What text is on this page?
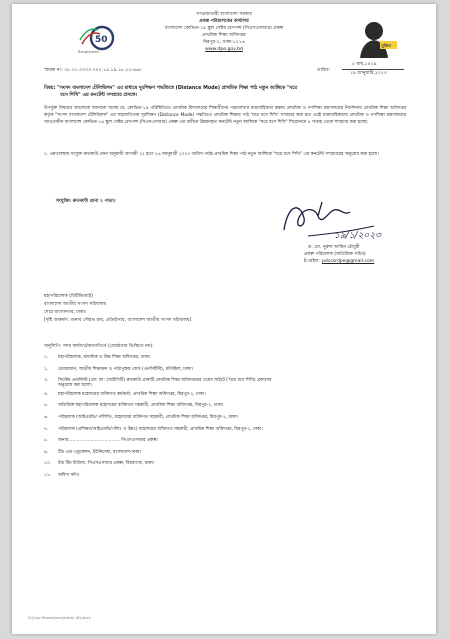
50
Bangladesh
মুজিব
গণপ্রজাতন্ত্রী বাংলাদেশ সরকার
প্রকল্প পরিচালকের কার্যালয়
বাংলাদেশ কোভিড-১৯ স্কুল সেক্টর রেসপন্স (সিএসএসআর) প্রকল্প
প্রাথমিক শিক্ষা অধিদপ্তর
মিরপুর-২, ঢাকা-১২১৬
www.dpe.gov.bd
স্মারক নং: ৩৮.০১.০০০০.৭০০.১৪.১৯.১৮.২২-৬৬৮
৫ মাঘ,১৪২৯
তারিখ:
১৯ জানুয়ারি,২০২৩
বিষয়: "সংসদ বাংলাদেশ টেলিভিশন" এর মাধ্যমে দূরশিক্ষণ পদ্ধতিতে (Distance Mode) প্রাথমিক শিক্ষা পাঠ নতুন আঙ্গিকে "ঘরে
বসে শিখি" এর কনটেন্ট সম্প্রচার প্রসঙ্গে।
উপর্যুক্ত বিষয়ের আলোকে জানানো যাচ্ছে যে, কোভিড-১৯ পরিস্থিতিতে প্রাথমিক বিদ্যালয়ের শিক্ষার্থীদের পড়ালেখার ধারাবাহিকতা রক্ষায় প্রাথমিক ও গণশিক্ষা মন্ত্রণালয়ের নির্দেশনায় প্রাথমিক শিক্ষা অধিদপ্তর কর্তৃক "সংসদ বাংলাদেশ টেলিভিশন" এর সহযোগিতায় দূরশিক্ষণ (Distance Mode) পদ্ধতিতে প্রাথমিক শিক্ষার পাঠ 'ঘরে বসে শিখি' সম্প্রচার করা হয়। এরই ধারাবাহিকতায় প্রাথমিক ও গণশিক্ষা মন্ত্রণালয়ের আওতাধীন বাংলাদেশ কোভিড-১৯ স্কুল সেক্টর রেসপন্স (সিএসএসআর) প্রকল্প এর অধীনে উন্নয়নকৃত কনটেন্ট নতুন আঙ্গিকে "ঘরে বসে শিখি" শিরোনামে ৪ সপ্তাহ থেকে সম্প্রচার করা হচ্ছে।
২. এমতাবস্থায় সংযুক্ত রুতকাউ প্রানা অনুযায়ী আগামী ২২ হতে ২৬ জানুয়ারী ২০২৩ তারিখ পর্যন্ত প্রাথমিক শিক্ষা পাঠ নতুন আঙ্গিকে "ঘরে বসে শিখি" এর কনটেন্ট সম্প্রচারের অনুরোধ করা হলো।
সংযুক্তি: রুতকাউ প্রানা ২ পাতা।
১৯/১/২০২৩
ড. মো. নুরুল আমিন চৌধুরী
প্রকল্প পরিচালক (অতিরিক্ত সচিব)
ই-মেইল: pdcssrdpe@gmail.com
মহাপরিচালক (বিটিভিআই)
বাংলাদেশ জাতীয় সংসদ সচিবালয়
শেরে বাংলানগর, ঢাকা।
[দৃষ্টি আকর্ষণ: জনাব সৌরভ রায়, প্রডিউসার, বাংলাদেশ জাতীয় সংসদ সচিবালয়]
অনুলিপি- সদয় কার্যার্থে/অবগতির্থে (জ্যেষ্ঠতার ভিত্তিতে নয়):
১. মহাপরিচালক, মাধ্যমিক ও উচ্চ শিক্ষা অধিদপ্তর, ঢাকা।
২. চেয়ারম্যান, জাতীয় শিক্ষাক্রম ও পাঠ্যপুস্তক বোর্ড (এনসিটিবি), মতিঝিল, ঢাকা।
৩. সিস্টেম এনালিস্ট (মো: ফা: (আইসিটি) রুতকাউ প্রানাটি প্রাথমিক শিক্ষা অধিদপ্তরের ওয়েব সাইটে ('ঘরে বসে শিখি) প্রকাশের
অনুরোধ করা হলো।
৪. মহাপরিচালক মহোদয়ের ব্যক্তিগত কর্মকর্তা, প্রাথমিক শিক্ষা অধিদপ্তর, মিরপুর-২, ঢাকা।
৫. অতিরিক্ত মহাপরিচালক মহোদয়ের ব্যক্তিগত সহকারী, প্রাথমিক শিক্ষা অধিদপ্তর, মিরপুর-২, ঢাকা।
৬. পরিচালক (আইএমডি/ পলিসি), মহোদয়ের ব্যক্তিগত সহকারী, প্রাথমিক শিক্ষা অধিদপ্তর, মিরপুর-২, ঢাকা।
৭. পরিচালক (প্রশিক্ষণ/আইএমডি/পলিঃ ও উন্নঃ) মহোদয়ের ব্যক্তিগত সহকারী, প্রাথমিক শিক্ষা অধিদপ্তর, মিরপুর-২, ঢাকা।
৮. জনাব..................................... সিএসএসআর প্রকল্প।
৯. টিচ এড এডুকেশন, ইউনিসেফ, বাংলাদেশ-ঢাকা।
১০. টাচ টিম মিডিয়া, সিএসএসআর প্রকল্প, বিশ্বব্যাংক, ঢাকা।
১১. অফিস কপি।
D:\Cssr Room\Jormi\Letter (B).docx
